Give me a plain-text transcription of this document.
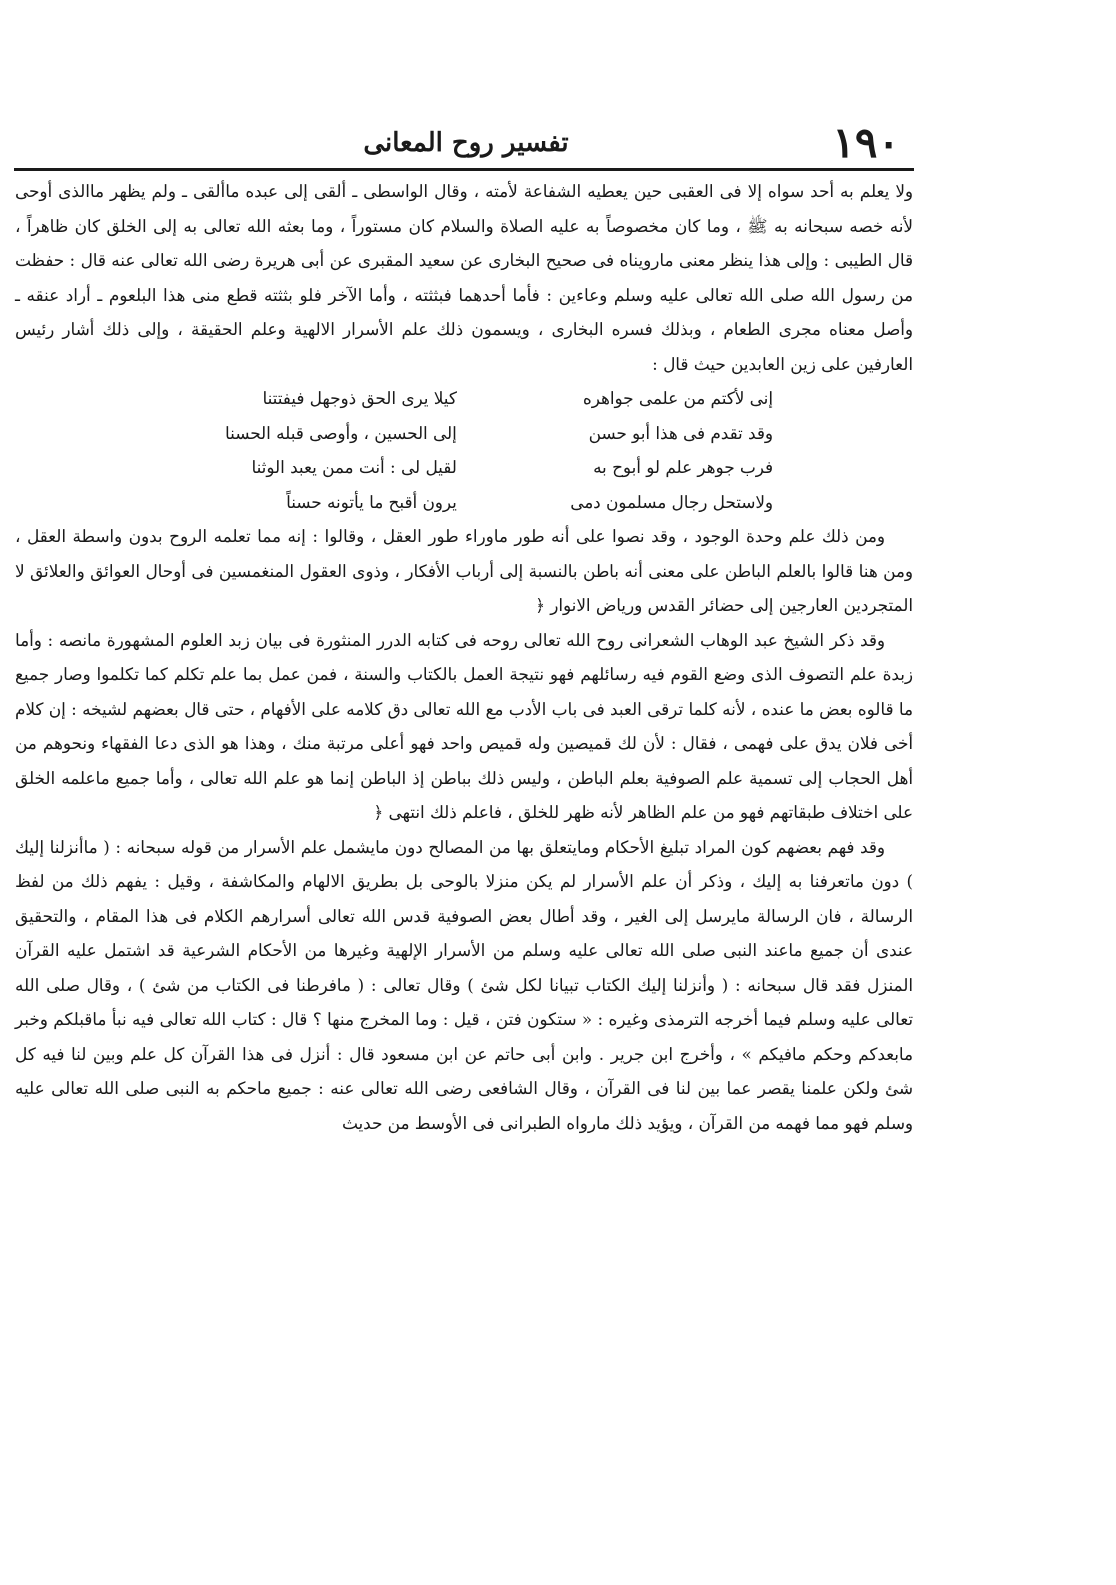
١٩٠
تفسير روح المعانى

ولا يعلم به أحد سواه إلا فى العقبى حين يعطيه الشفاعة لأمته ، وقال الواسطى ـ ألقى إلى عبده ماألقى ـ ولم يظهر ماالذى أوحى لأنه خصه سبحانه به ﷺ ، وما كان مخصوصاً به عليه الصلاة والسلام كان مستوراً ، وما بعثه الله تعالى به إلى الخلق كان ظاهراً ، قال الطيبى : وإلى هذا ينظر معنى مارويناه فى صحيح البخارى عن سعيد المقبرى عن أبى هريرة رضى الله تعالى عنه قال : حفظت من رسول الله صلى الله تعالى عليه وسلم وعاءين : فأما أحدهما فبثثته ، وأما الآخر فلو بثثته قطع منى هذا البلعوم ـ أراد عنقه ـ وأصل معناه مجرى الطعام ، وبذلك فسره البخارى ، ويسمون ذلك علم الأسرار الالهية وعلم الحقيقة ، وإلى ذلك أشار رئيس العارفين على زين العابدين حيث قال :

إنى لأكتم من علمى جواهره
كيلا يرى الحق ذوجهل فيفتتنا
وقد تقدم فى هذا أبو حسن
إلى الحسين ، وأوصى قبله الحسنا
فرب جوهر علم لو أبوح به
لقيل لى : أنت ممن يعبد الوثنا
ولاستحل رجال مسلمون دمى
يرون أقبح ما يأتونه حسناً

ومن ذلك علم وحدة الوجود ، وقد نصوا على أنه طور ماوراء طور العقل ، وقالوا : إنه مما تعلمه الروح بدون واسطة العقل ، ومن هنا قالوا بالعلم الباطن على معنى أنه باطن بالنسبة إلى أرباب الأفكار ، وذوى العقول المنغمسين فى أوحال العوائق والعلائق لا المتجردين العارجين إلى حضائر القدس ورياض الانوار ﴿

وقد ذكر الشيخ عبد الوهاب الشعرانى روح الله تعالى روحه فى كتابه الدرر المنثورة فى بيان زبد العلوم المشهورة مانصه : وأما زبدة علم التصوف الذى وضع القوم فيه رسائلهم فهو نتيجة العمل بالكتاب والسنة ، فمن عمل بما علم تكلم كما تكلموا وصار جميع ما قالوه بعض ما عنده ، لأنه كلما ترقى العبد فى باب الأدب مع الله تعالى دق كلامه على الأفهام ، حتى قال بعضهم لشيخه : إن كلام أخى فلان يدق على فهمى ، فقال : لأن لك قميصين وله قميص واحد فهو أعلى مرتبة منك ، وهذا هو الذى دعا الفقهاء ونحوهم من أهل الحجاب إلى تسمية علم الصوفية بعلم الباطن ، وليس ذلك بباطن إذ الباطن إنما هو علم الله تعالى ، وأما جميع ماعلمه الخلق على اختلاف طبقاتهم فهو من علم الظاهر لأنه ظهر للخلق ، فاعلم ذلك انتهى ﴿

وقد فهم بعضهم كون المراد تبليغ الأحكام ومايتعلق بها من المصالح دون مايشمل علم الأسرار من قوله سبحانه : ( ماأنزلنا إليك ) دون ماتعرفنا به إليك ، وذكر أن علم الأسرار لم يكن منزلا بالوحى بل بطريق الالهام والمكاشفة ، وقيل : يفهم ذلك من لفظ الرسالة ، فان الرسالة مايرسل إلى الغير ، وقد أطال بعض الصوفية قدس الله تعالى أسرارهم الكلام فى هذا المقام ، والتحقيق عندى أن جميع ماعند النبى صلى الله تعالى عليه وسلم من الأسرار الإلهية وغيرها من الأحكام الشرعية قد اشتمل عليه القرآن المنزل فقد قال سبحانه : ( وأنزلنا إليك الكتاب تبيانا لكل شئ ) وقال تعالى : ( مافرطنا فى الكتاب من شئ ) ، وقال صلى الله تعالى عليه وسلم فيما أخرجه الترمذى وغيره : « ستكون فتن ، قيل : وما المخرج منها ؟ قال : كتاب الله تعالى فيه نبأ ماقبلكم وخبر مابعدكم وحكم مافيكم » ، وأخرج ابن جرير . وابن أبى حاتم عن ابن مسعود قال : أنزل فى هذا القرآن كل علم وبين لنا فيه كل شئ ولكن علمنا يقصر عما بين لنا فى القرآن ، وقال الشافعى رضى الله تعالى عنه : جميع ماحكم به النبى صلى الله تعالى عليه وسلم فهو مما فهمه من القرآن ، ويؤيد ذلك مارواه الطبرانى فى الأوسط من حديث
